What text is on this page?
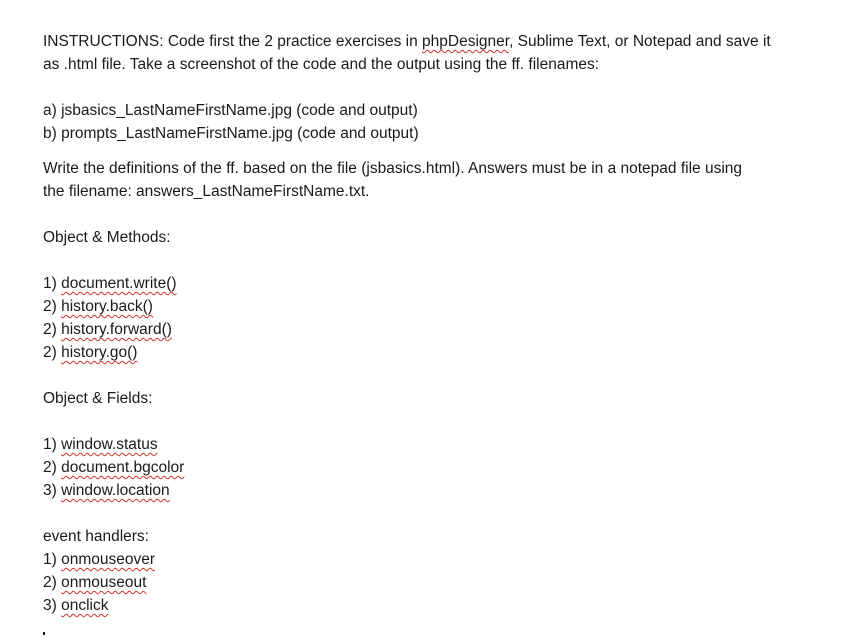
INSTRUCTIONS: Code first the 2 practice exercises in phpDesigner, Sublime Text, or Notepad and save it

as .html file. Take a screenshot of the code and the output using the ff. filenames:

a) jsbasics_LastNameFirstName.jpg (code and output)

b) prompts_LastNameFirstName.jpg (code and output)

Write the definitions of the ff. based on the file (jsbasics.html). Answers must be in a notepad file using

the filename: answers_LastNameFirstName.txt.

Object & Methods:

1) document.write()

2) history.back()

2) history.forward()

2) history.go()

Object & Fields:

1) window.status

2) document.bgcolor

3) window.location

event handlers:

1) onmouseover

2) onmouseout

3) onclick
